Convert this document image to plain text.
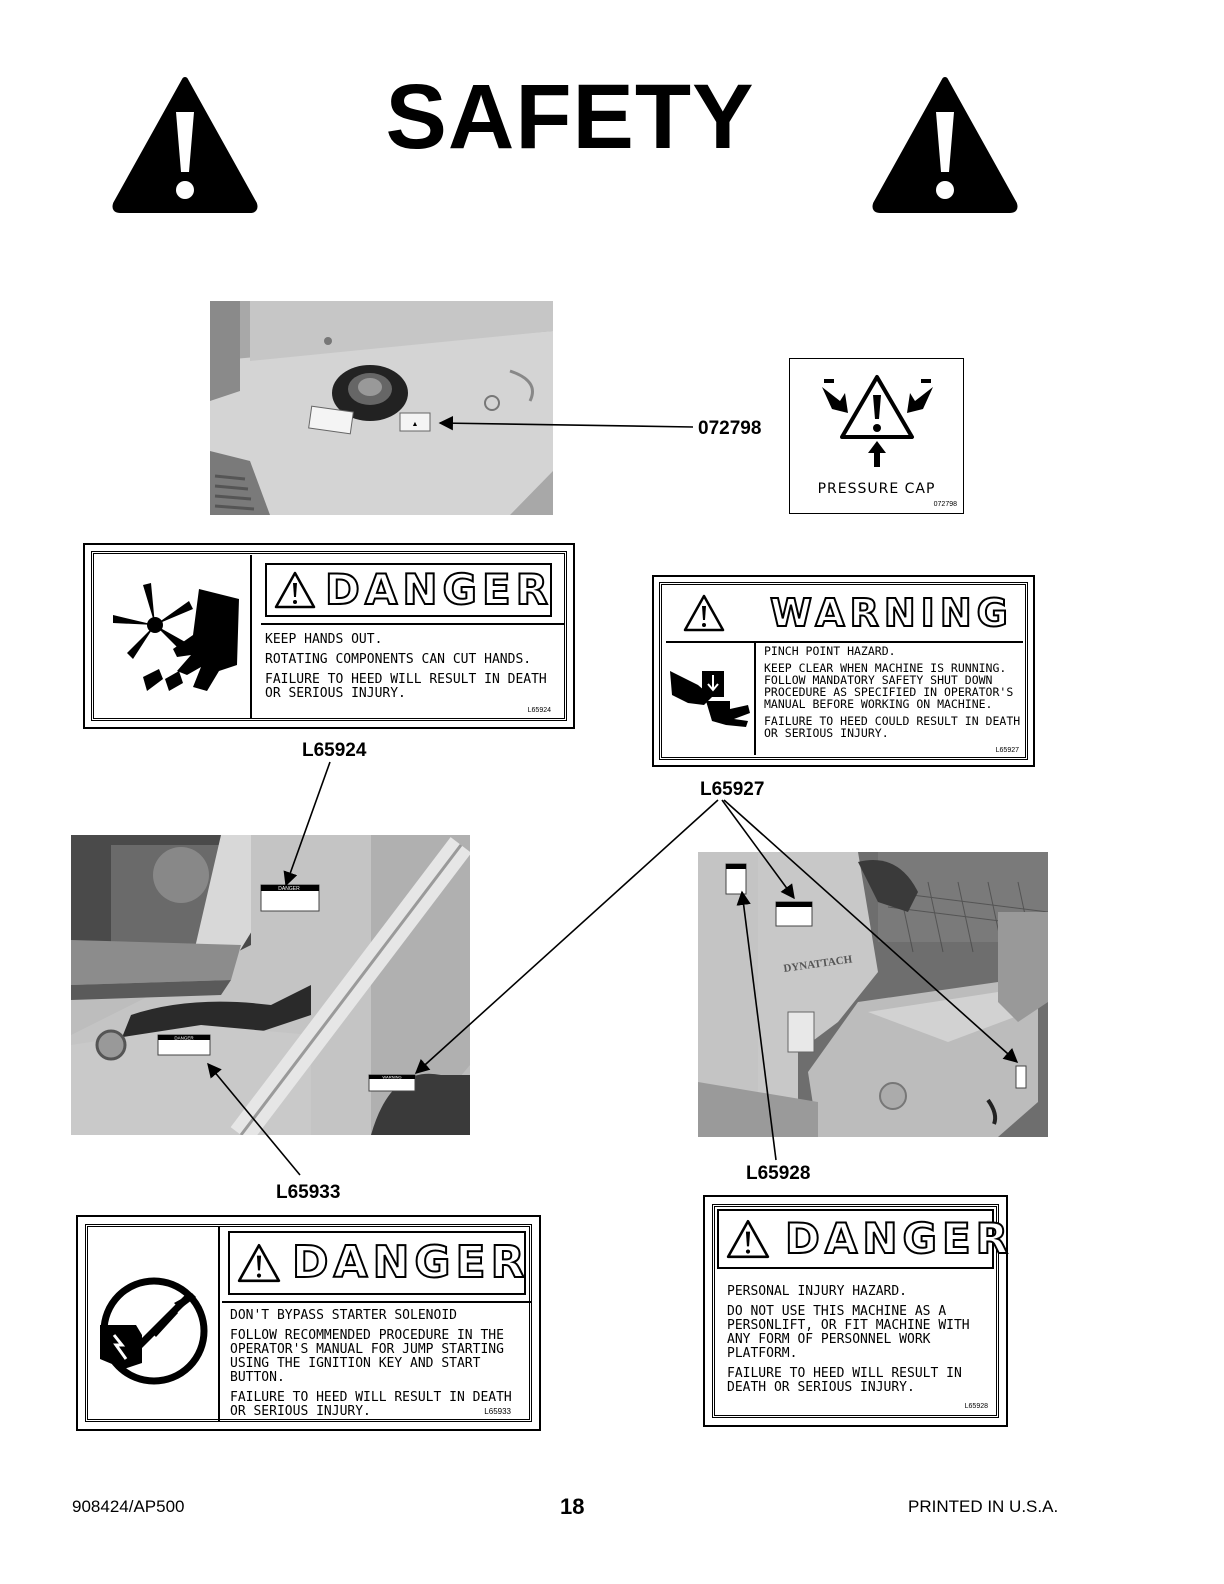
SAFETY
▲
PRESSURE CAP
072798
072798
DANGER

KEEP HANDS OUT.

ROTATING COMPONENTS CAN CUT HANDS.

FAILURE TO HEED WILL RESULT IN DEATH OR SERIOUS INJURY.

L65924
L65924
WARNING

PINCH POINT HAZARD.

KEEP CLEAR WHEN MACHINE IS RUNNING. FOLLOW MANDATORY SAFETY SHUT DOWN PROCEDURE AS SPECIFIED IN OPERATOR'S MANUAL BEFORE WORKING ON MACHINE.

FAILURE TO HEED COULD RESULT IN DEATH OR SERIOUS INJURY.

L65927
L65927
DANGER
DANGER
WARNING
DYNATTACH
L65933
L65928
DANGER

DON'T BYPASS STARTER SOLENOID

FOLLOW RECOMMENDED PROCEDURE IN THE OPERATOR'S MANUAL FOR JUMP STARTING USING THE IGNITION KEY AND START BUTTON.

FAILURE TO HEED WILL RESULT IN DEATH OR SERIOUS INJURY.	L65933
DANGER

PERSONAL INJURY HAZARD.

DO NOT USE THIS MACHINE AS A PERSONLIFT, OR FIT MACHINE WITH ANY FORM OF PERSONNEL WORK PLATFORM.

FAILURE TO HEED WILL RESULT IN DEATH OR SERIOUS INJURY.

L65928
908424/AP500	18	PRINTED IN U.S.A.
